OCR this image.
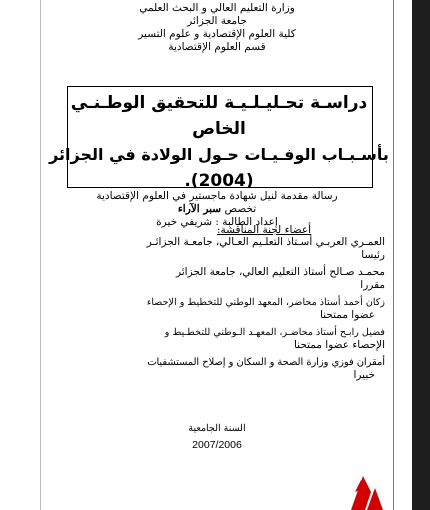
وزارة التعليم العالي و البحث العلمي
جامعة الجزائر
كلية العلوم الإقتصادية و علوم التسير
قسم العلوم الإقتصادية
دراسـة تحـليـلـيـة للتحقيق الوطـنـي
الخاص
بأسـبـاب الوفـيـات حـول الولادة في الجزائر
(2004).
رسالة مقدمة لنيل شهادة ماجستير في العلوم الإقتصادية
تخصص سبر الآراء
إعداد الطالبة : شريفي خيرة
أعضاء لجنة المناقشة:
العمـري العربـي أسـتاذ التعلـيم العـالي، جامعـة الجزائـر
رئيسا
محمـد صـالح أستاذ التعليم العالي، جامعة الجزائر
مقررا
زكان أحمد أستاذ محاضر، المعهد الوطني للتخطيط و الإحصاء
عضوا ممتحنا
فضيل رابـح أستاذ محاضـر، المعهـد الـوطني للتخطـيط و
الإحصاء عضوا ممتحنا
أمقران فوزي وزارة الصحة و السكان و إصلاح المستشفيات
خبيرا
السنة الجامعية
2007/2006
